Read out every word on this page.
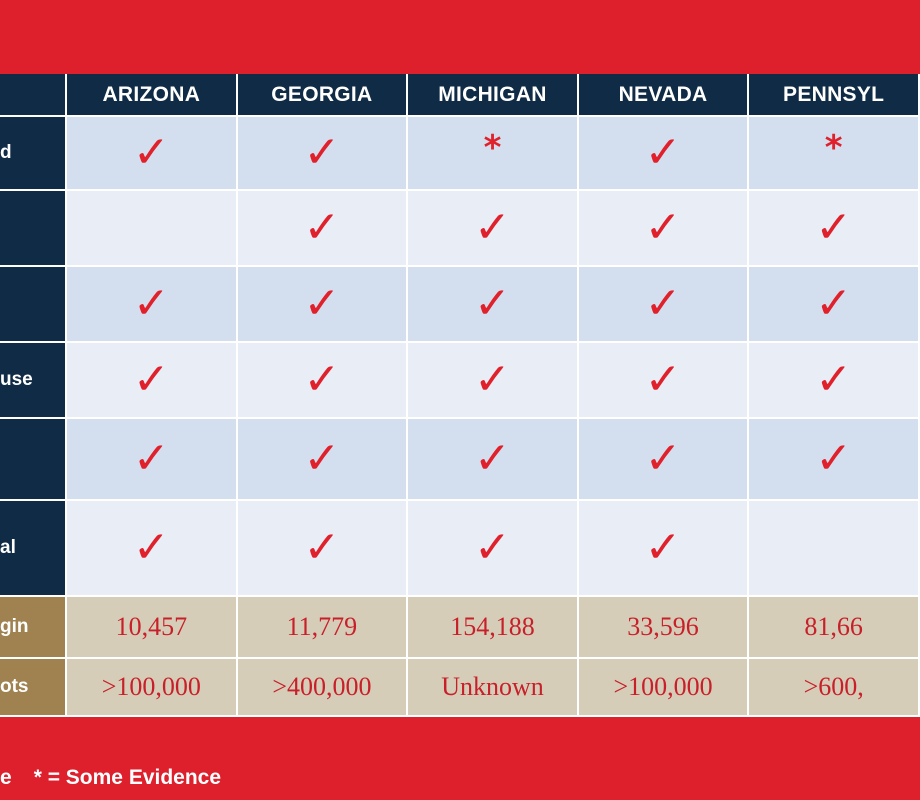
	ARIZONA	GEORGIA	MICHIGAN	NEVADA	PENNSYL
d	✓	✓	*	✓	*
		✓	✓	✓	✓
	✓	✓	✓	✓	✓
use	✓	✓	✓	✓	✓
	✓	✓	✓	✓	✓
al	✓	✓	✓	✓	
gin	10,457	11,779	154,188	33,596	81,66
ots	>100,000	>400,000	Unknown	>100,000	>600,
e * = Some Evidence
